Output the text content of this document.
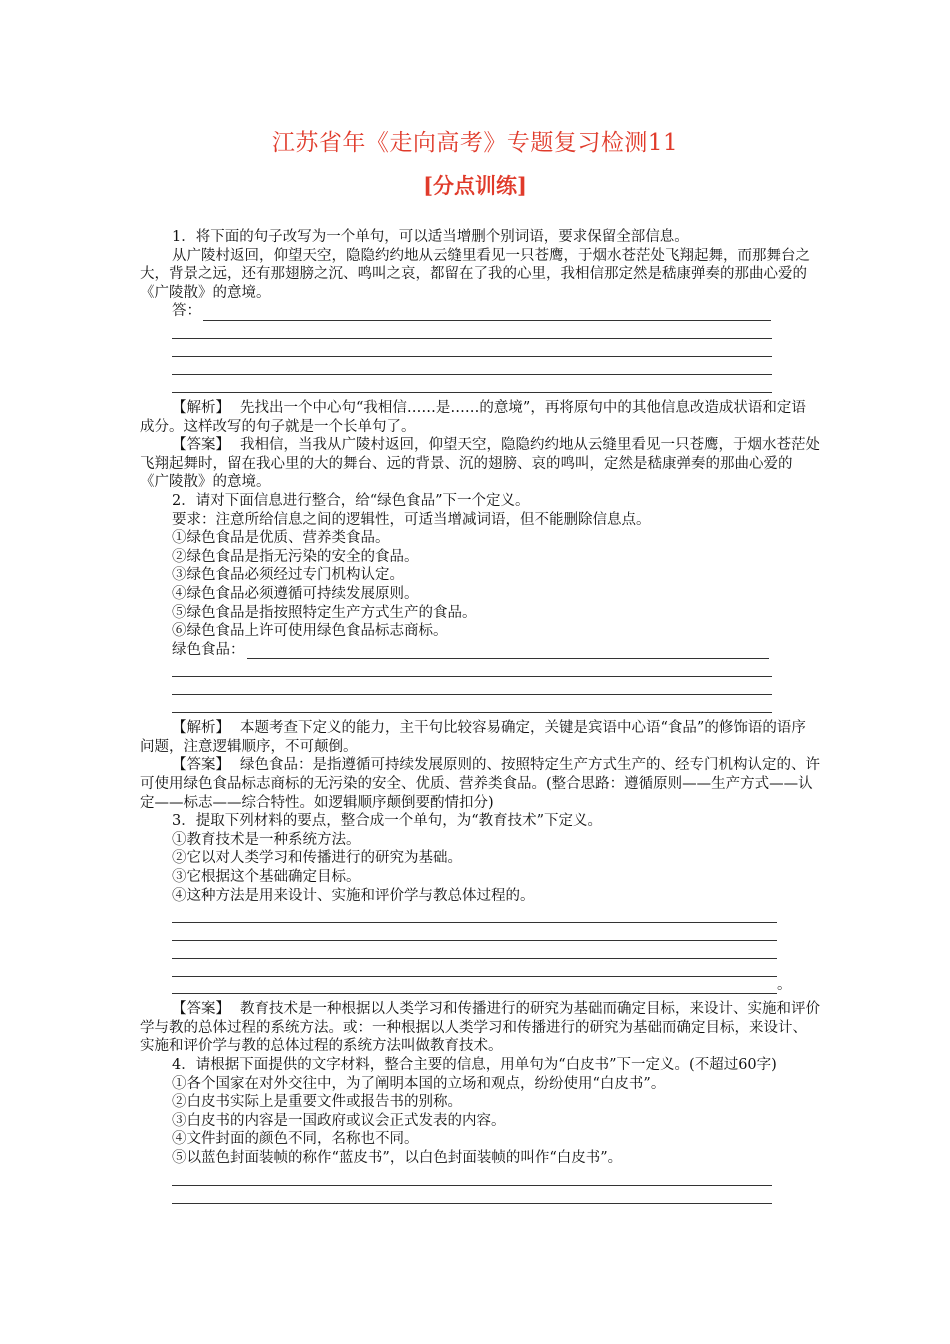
江苏省年《走向高考》专题复习检测11
[分点训练]

1．将下面的句子改写为一个单句，可以适当增删个别词语，要求保留全部信息。

从广陵村返回，仰望天空，隐隐约约地从云缝里看见一只苍鹰，于烟水苍茫处飞翔起舞，而那舞台之大，背景之远，还有那翅膀之沉、鸣叫之哀，都留在了我的心里，我相信那定然是嵇康弹奏的那曲心爱的《广陵散》的意境。

答：

【解析】 先找出一个中心句“我相信……是……的意境”，再将原句中的其他信息改造成状语和定语成分。这样改写的句子就是一个长单句了。

【答案】 我相信，当我从广陵村返回，仰望天空，隐隐约约地从云缝里看见一只苍鹰，于烟水苍茫处飞翔起舞时，留在我心里的大的舞台、远的背景、沉的翅膀、哀的鸣叫，定然是嵇康弹奏的那曲心爱的《广陵散》的意境。

2．请对下面信息进行整合，给“绿色食品”下一个定义。

要求：注意所给信息之间的逻辑性，可适当增减词语，但不能删除信息点。

①绿色食品是优质、营养类食品。

②绿色食品是指无污染的安全的食品。

③绿色食品必须经过专门机构认定。

④绿色食品必须遵循可持续发展原则。

⑤绿色食品是指按照特定生产方式生产的食品。

⑥绿色食品上许可使用绿色食品标志商标。

绿色食品：

【解析】 本题考查下定义的能力，主干句比较容易确定，关键是宾语中心语“食品”的修饰语的语序问题，注意逻辑顺序，不可颠倒。

【答案】 绿色食品：是指遵循可持续发展原则的、按照特定生产方式生产的、经专门机构认定的、许可使用绿色食品标志商标的无污染的安全、优质、营养类食品。(整合思路：遵循原则——生产方式——认定——标志——综合特性。如逻辑顺序颠倒要酌情扣分)

3．提取下列材料的要点，整合成一个单句，为“教育技术”下定义。

①教育技术是一种系统方法。

②它以对人类学习和传播进行的研究为基础。

③它根据这个基础确定目标。

④这种方法是用来设计、实施和评价学与教总体过程的。

。

【答案】 教育技术是一种根据以人类学习和传播进行的研究为基础而确定目标，来设计、实施和评价学与教的总体过程的系统方法。或：一种根据以人类学习和传播进行的研究为基础而确定目标，来设计、实施和评价学与教的总体过程的系统方法叫做教育技术。

4．请根据下面提供的文字材料，整合主要的信息，用单句为“白皮书”下一定义。(不超过60字)

①各个国家在对外交往中，为了阐明本国的立场和观点，纷纷使用“白皮书”。

②白皮书实际上是重要文件或报告书的别称。

③白皮书的内容是一国政府或议会正式发表的内容。

④文件封面的颜色不同，名称也不同。

⑤以蓝色封面装帧的称作“蓝皮书”，以白色封面装帧的叫作“白皮书”。
